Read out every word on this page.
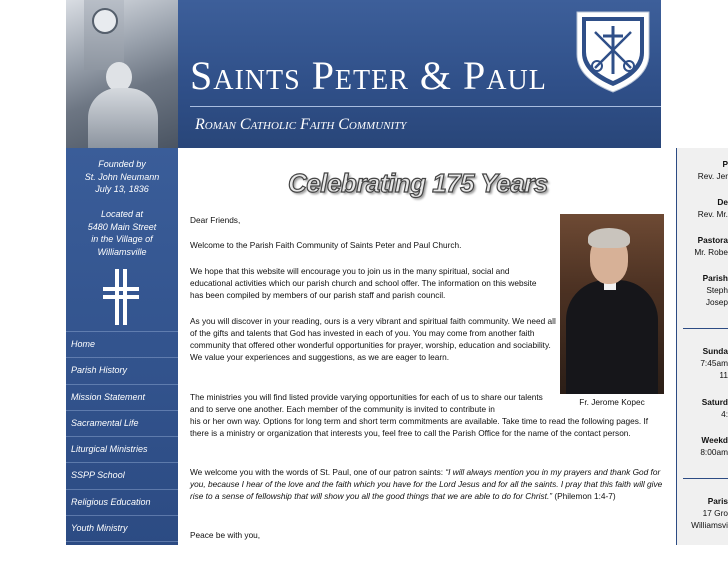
Saints Peter & Paul
Roman Catholic Faith Community
Founded by
St. John Neumann
July 13, 1836
Located at
5480 Main Street
in the Village of
Williamsville
Home
Parish History
Mission Statement
Sacramental Life
Liturgical Ministries
SSPP School
Religious Education
Youth Ministry
Pastoral Care/ Spiritual
Celebrating 175 Years
Dear Friends,
Welcome to the Parish Faith Community of Saints Peter and Paul Church.
We hope that this website will encourage you to join us in the many spiritual, social and educational activities which our parish church and school offer. The information on this website has been compiled by members of our parish staff and parish council.
As you will discover in your reading, ours is a very vibrant and spiritual faith community. We need all of the gifts and talents that God has invested in each of you. You may come from another faith community that offered other wonderful opportunities for prayer, worship, education and sociability. We value your experiences and suggestions, as we are eager to learn.
The ministries you will find listed provide varying opportunities for each of us to share our talents and to serve one another. Each member of the community is invited to contribute in
his or her own way. Options for long term and short term commitments are available. Take time to read the following pages. If there is a ministry or organization that interests you, feel free to call the Parish Office for the name of the contact person.
We welcome you with the words of St. Paul, one of our patron saints: “I will always mention you in my prayers and thank God for you, because I hear of the love and the faith which you have for the Lord Jesus and for all the saints. I pray that this faith will give rise to a sense of fellowship that will show you all the good things that we are able to do for Christ.” (Philemon 1:4-7)
Peace be with you,
Fr. Jerome Kopec
P
Rev. Jer
De
Rev. Mr.
Pastora
Mr. Robe
Parish
Steph
Josep
Sunda
7:45am
11
Saturd
4:
Weekd
8:00am
Paris
17 Gro
Williamsvi
